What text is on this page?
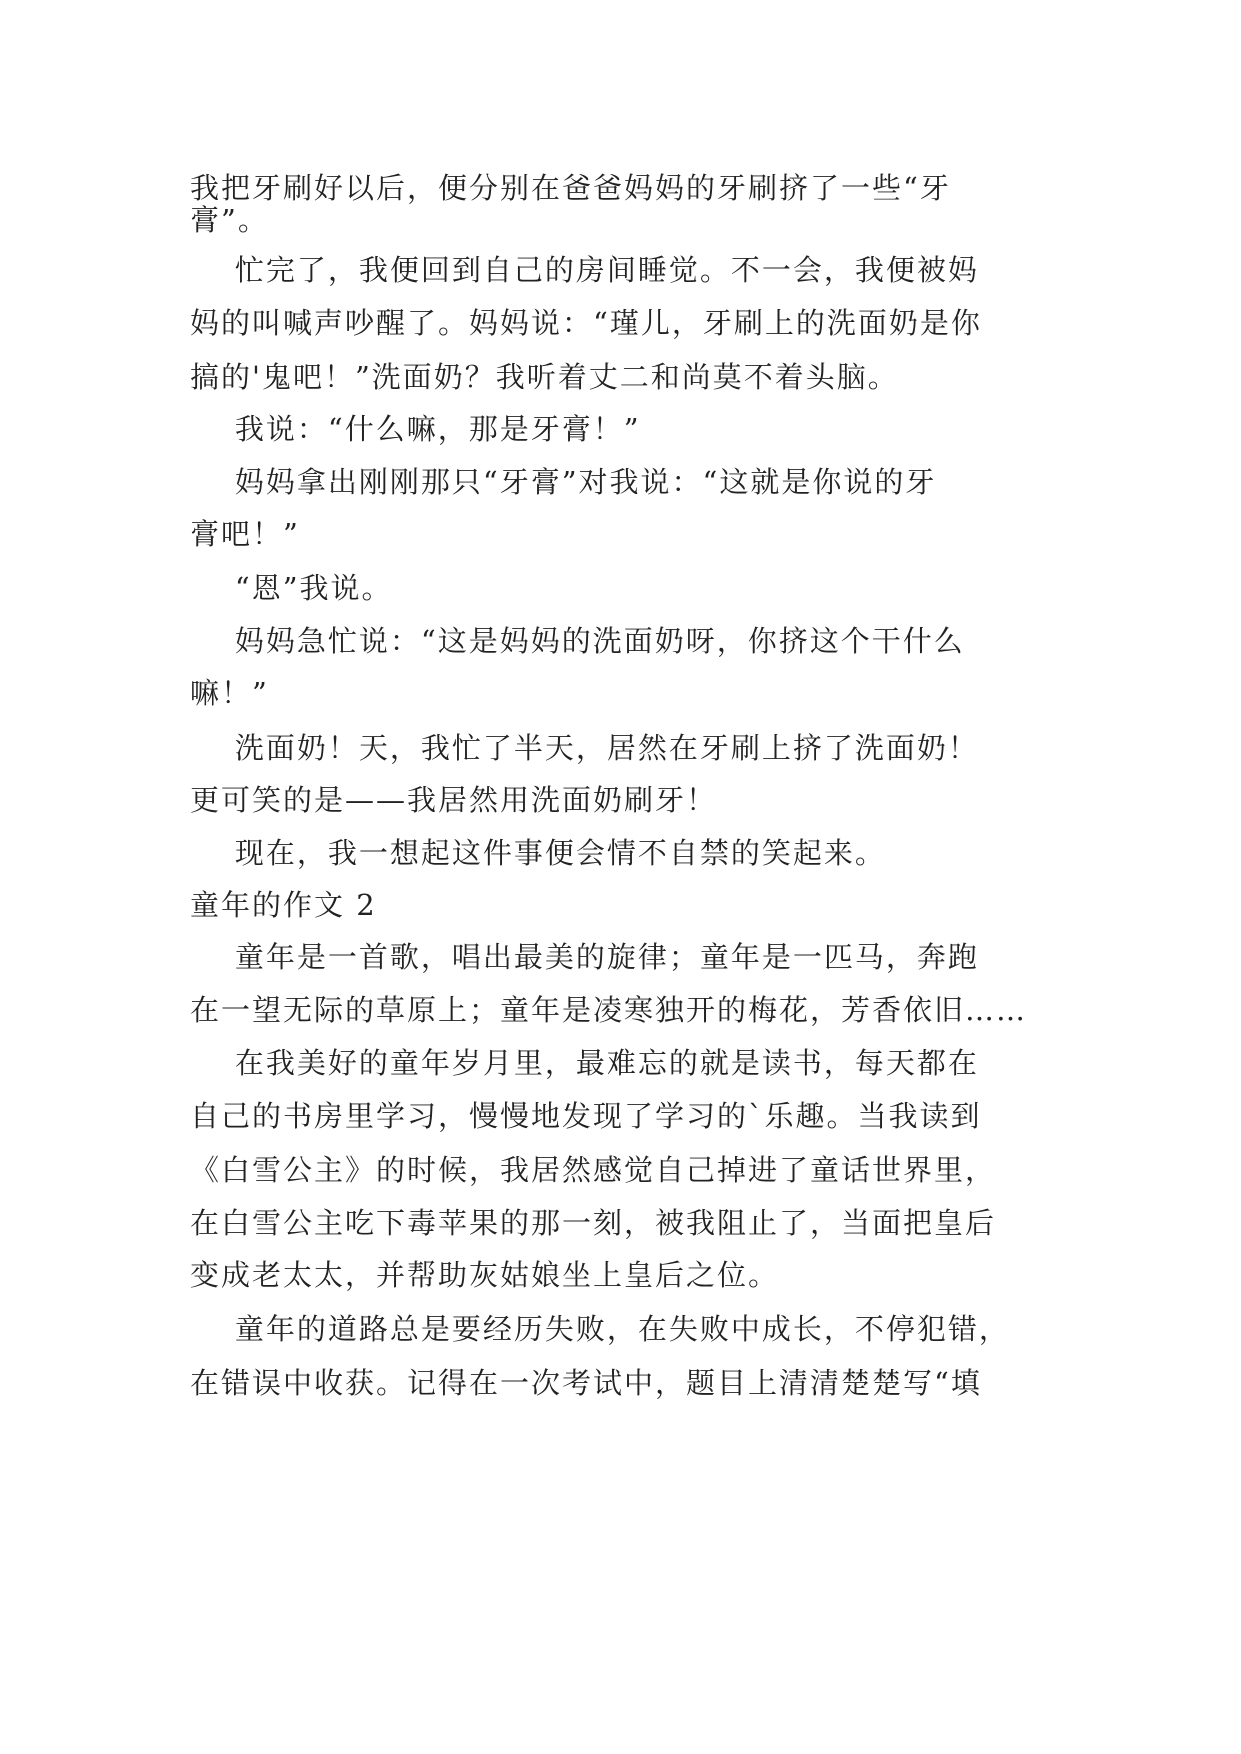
我把牙刷好以后，便分别在爸爸妈妈的牙刷挤了一些“牙
膏”。
忙完了，我便回到自己的房间睡觉。不一会，我便被妈
妈的叫喊声吵醒了。妈妈说：“瑾儿，牙刷上的洗面奶是你
搞的'鬼吧！”洗面奶？我听着丈二和尚莫不着头脑。
我说：“什么嘛，那是牙膏！”
妈妈拿出刚刚那只“牙膏”对我说：“这就是你说的牙
膏吧！”
“恩”我说。
妈妈急忙说：“这是妈妈的洗面奶呀，你挤这个干什么
嘛！”
洗面奶！天，我忙了半天，居然在牙刷上挤了洗面奶！
更可笑的是——我居然用洗面奶刷牙！
现在，我一想起这件事便会情不自禁的笑起来。
童年的作文 2
童年是一首歌，唱出最美的旋律；童年是一匹马，奔跑
在一望无际的草原上；童年是凌寒独开的梅花，芳香依旧……
在我美好的童年岁月里，最难忘的就是读书，每天都在
自己的书房里学习，慢慢地发现了学习的`乐趣。当我读到
《白雪公主》的时候，我居然感觉自己掉进了童话世界里，
在白雪公主吃下毒苹果的那一刻，被我阻止了，当面把皇后
变成老太太，并帮助灰姑娘坐上皇后之位。
童年的道路总是要经历失败，在失败中成长，不停犯错，
在错误中收获。记得在一次考试中，题目上清清楚楚写“填
